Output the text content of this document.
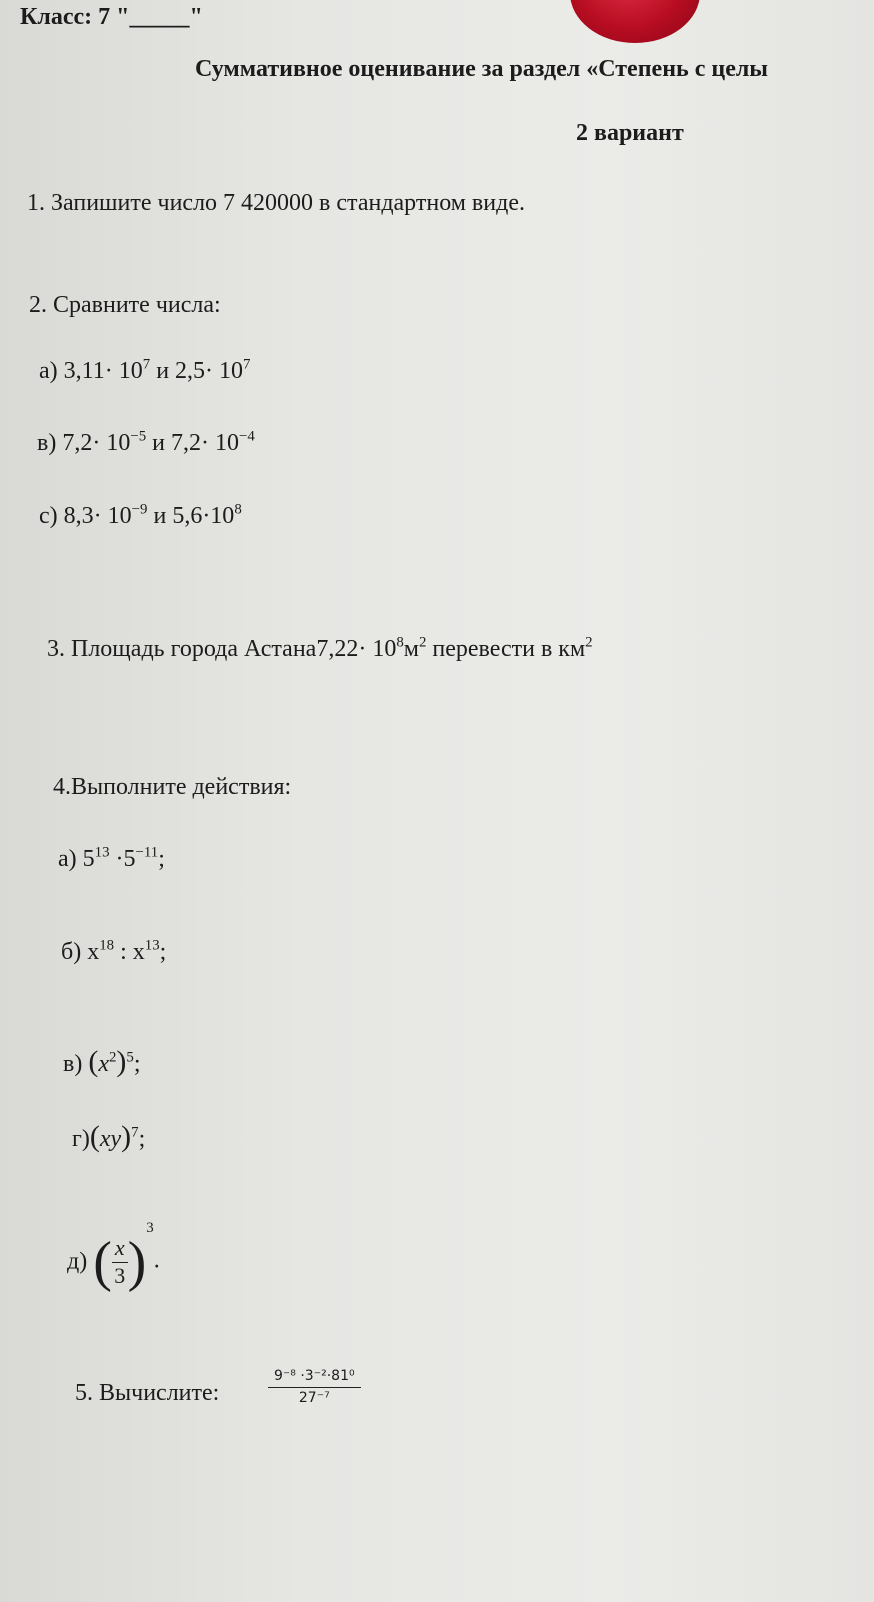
Класс: 7 "_____"
Суммативное оценивание за раздел «Степень с целы
2 вариант
1. Запишите число 7 420000 в стандартном виде.
2. Сравните числа:
а) $3,11\cdot 10^7$ и $2,5\cdot 10^7$
в) $7,2\cdot 10^{-5}$ и $7,2\cdot 10^{-4}$
с) $8,3\cdot 10^{-9}$ и $5,6\cdot 10^8$
3. Площадь города Астана7,22· $10^8м^2$ перевести в $км^2$
4.Выполните действия:
а) $5^{13} \cdot 5^{-11}$;
б) $x^{18}$ : $x^{13}$;
в) $(x^2)^5$;
г)(xy)$^7$;
д) ( $\frac{x}{3} )^3$.
5. Вычислите:	$\frac{\text{9⁻⁸ ·3⁻²·81⁰}}{\text{27⁻⁷}}$
